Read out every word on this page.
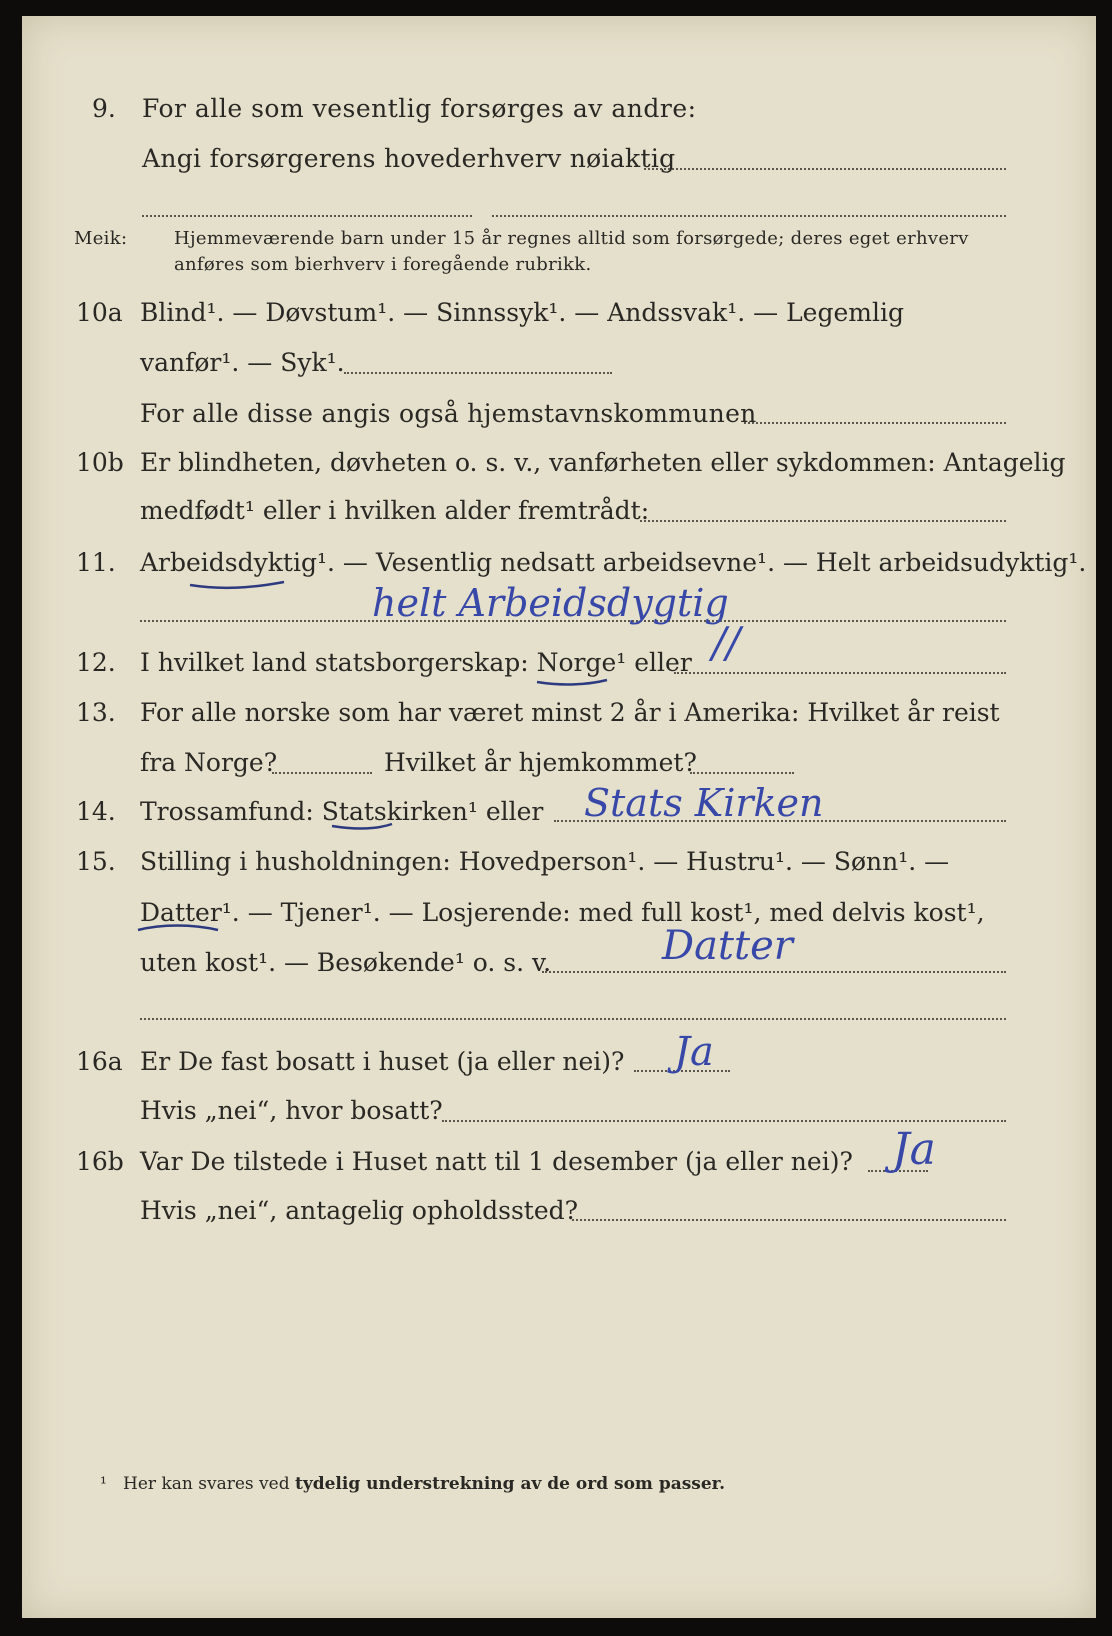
9. For alle som vesentlig forsørges av andre:
Angi forsørgerens hovederhverv nøiaktig
Meik:	Hjemmeværende barn under 15 år regnes alltid som forsørgede; deres eget erhverv
anføres som bierhverv i foregående rubrikk.
10a Blind¹. — Døvstum¹. — Sinnssyk¹. — Andssvak¹. — Legemlig
vanfør¹. — Syk¹.
For alle disse angis også hjemstavnskommunen
10b Er blindheten, døvheten o. s. v., vanførheten eller sykdommen: Antagelig
medfødt¹ eller i hvilken alder fremtrådt:
11. Arbeidsdyktig¹. — Vesentlig nedsatt arbeidsevne¹. — Helt arbeidsudyktig¹.
helt Arbeidsdygtig
12. I hvilket land statsborgerskap: Norge¹ eller //
13. For alle norske som har været minst 2 år i Amerika: Hvilket år reist
fra Norge?	Hvilket år hjemkommet?
14. Trossamfund: Statskirken¹ eller Stats Kirken
15. Stilling i husholdningen: Hovedperson¹. — Hustru¹. — Sønn¹. —
Datter¹. — Tjener¹. — Losjerende: med full kost¹, med delvis kost¹,
uten kost¹. — Besøkende¹ o. s. v.	Datter
16a Er De fast bosatt i huset (ja eller nei)? Ja
Hvis „nei“, hvor bosatt?
16b Var De tilstede i Huset natt til 1 desember (ja eller nei)? Ja
Hvis „nei“, antagelig opholdssted?
¹ Her kan svares ved tydelig understrekning av de ord som passer.
